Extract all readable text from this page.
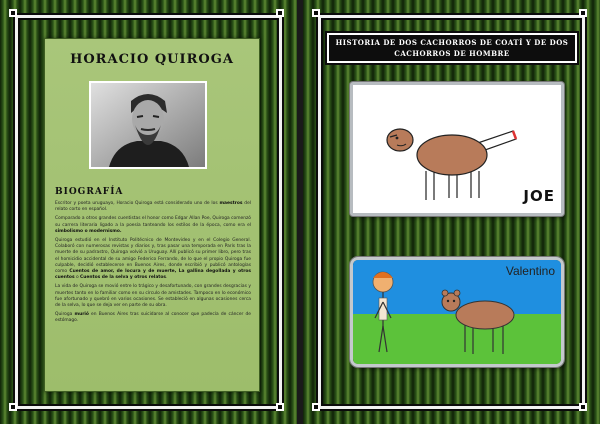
HORACIO QUIROGA
BIOGRAFÍA

Escritor y poeta uruguayo, Horacio Quiroga está considerado uno de los maestros del relato corto en español.

Comparado a otros grandes cuentistas el honor como Edgar Allan Poe, Quiroga comenzó su carrera literaria ligado a la poesía tanteando los estilos de la época, como era el simbolismo o modernismo.

Quiroga estudió en el Instituto Politécnico de Montevideo y en el Colegio General. Colaboró con numerosas revistas y diarios y, tras pasar una temporada en París tras la muerte de su padrastro, Quiroga volvió a Uruguay. Allí publicó su primer libro, pero tras el homicidio accidental de su amigo Federico Ferrando, de lo que el propio Quiroga fue culpable, decidió establecerse en Buenos Aires, donde escribió y publicó antologías como Cuentos de amor, de locura y de muerte, La gallina degollada y otros cuentos o Cuentos de la selva y otros relatos.

La vida de Quiroga se movió entre lo trágico y desafortunado, con grandes desgracias y muertes tanto en lo familiar como en su círculo de amistades. Tampoco en lo económico fue afortunado y quebró en varios ocasiones. Se estableció en algunas ocasiones cerca de la selva, lo que se deja ver en parte de su obra.

Quiroga murió en Buenos Aires tras suicidarse al conocer que padecía de cáncer de estómago.

HISTORIA DE DOS CACHORROS DE COATÍ Y DE DOS CACHORROS DE HOMBRE
JOE
Valentino
